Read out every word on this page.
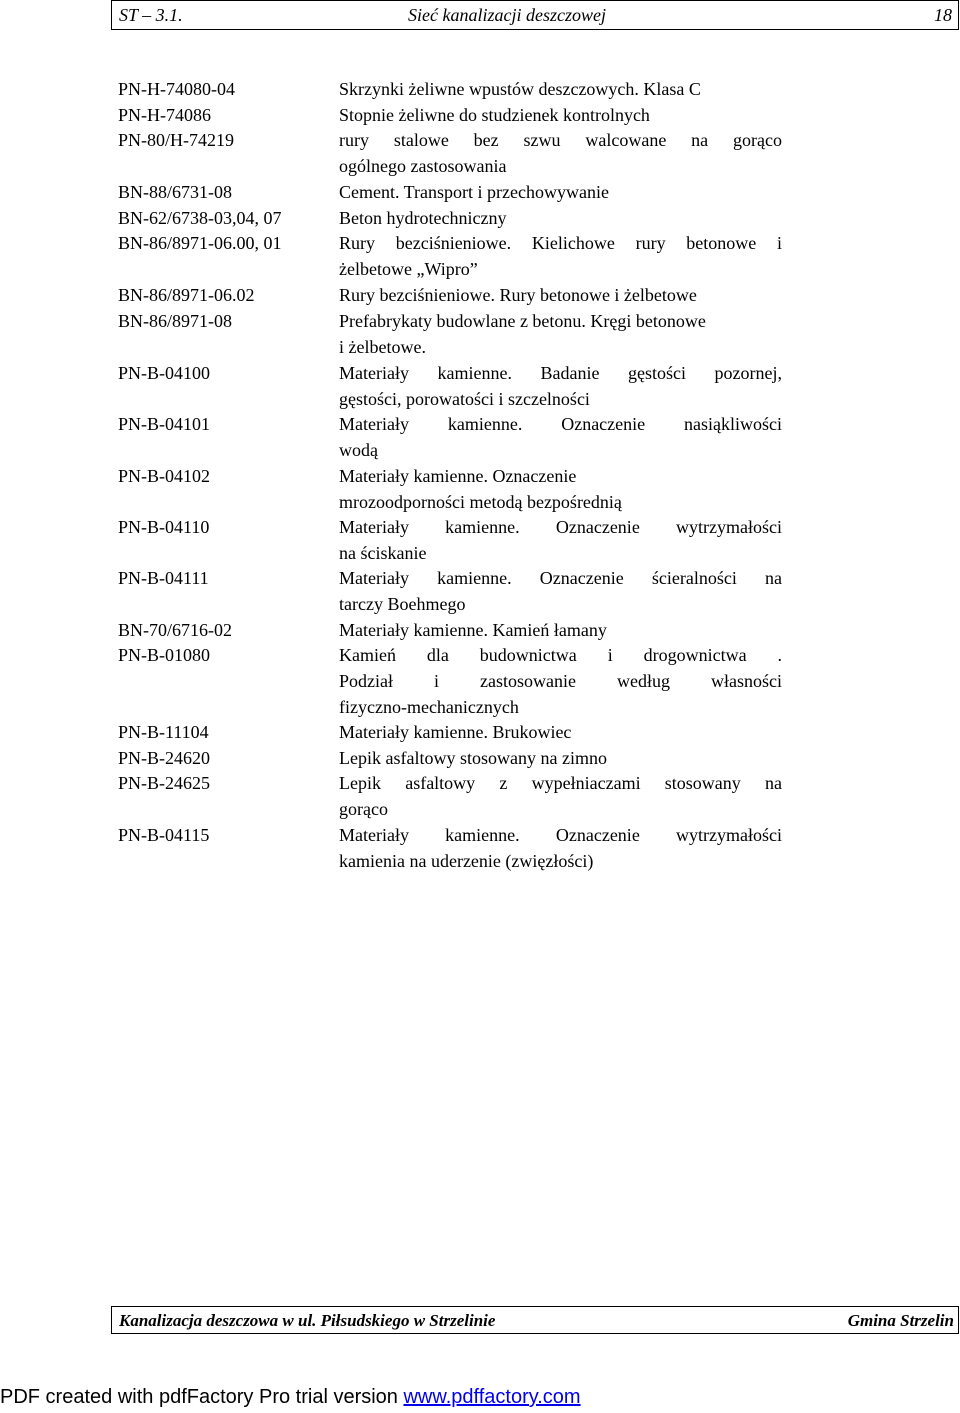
ST – 3.1.	Sieć kanalizacji deszczowej	18
PN-H-74080-04	Skrzynki żeliwne wpustów deszczowych. Klasa C
PN-H-74086	Stopnie żeliwne do studzienek kontrolnych
PN-80/H-74219	rury stalowe bez szwu walcowane na gorąco
ogólnego zastosowania
BN-88/6731-08	Cement. Transport i przechowywanie
BN-62/6738-03,04, 07	Beton hydrotechniczny
BN-86/8971-06.00, 01	Rury bezciśnieniowe. Kielichowe rury betonowe i
żelbetowe „Wipro”
BN-86/8971-06.02	Rury bezciśnieniowe. Rury betonowe i żelbetowe
BN-86/8971-08	Prefabrykaty budowlane z betonu. Kręgi betonowe
i żelbetowe.
PN-B-04100	Materiały kamienne. Badanie gęstości pozornej,
gęstości, porowatości i szczelności
PN-B-04101	Materiały kamienne. Oznaczenie nasiąkliwości
wodą
PN-B-04102	Materiały kamienne. Oznaczenie
mrozoodporności metodą bezpośrednią
PN-B-04110	Materiały kamienne. Oznaczenie wytrzymałości
na ściskanie
PN-B-04111	Materiały kamienne. Oznaczenie ścieralności na
tarczy Boehmego
BN-70/6716-02	Materiały kamienne. Kamień łamany
PN-B-01080	Kamień dla budownictwa i drogownictwa .
Podział i zastosowanie według własności
fizyczno-mechanicznych
PN-B-11104	Materiały kamienne. Brukowiec
PN-B-24620	Lepik asfaltowy stosowany na zimno
PN-B-24625	Lepik asfaltowy z wypełniaczami stosowany na
gorąco
PN-B-04115	Materiały kamienne. Oznaczenie wytrzymałości
kamienia na uderzenie (zwięzłości)
Kanalizacja deszczowa w ul. Piłsudskiego w Strzelinie	Gmina Strzelin
PDF created with pdfFactory Pro trial version www.pdffactory.com
